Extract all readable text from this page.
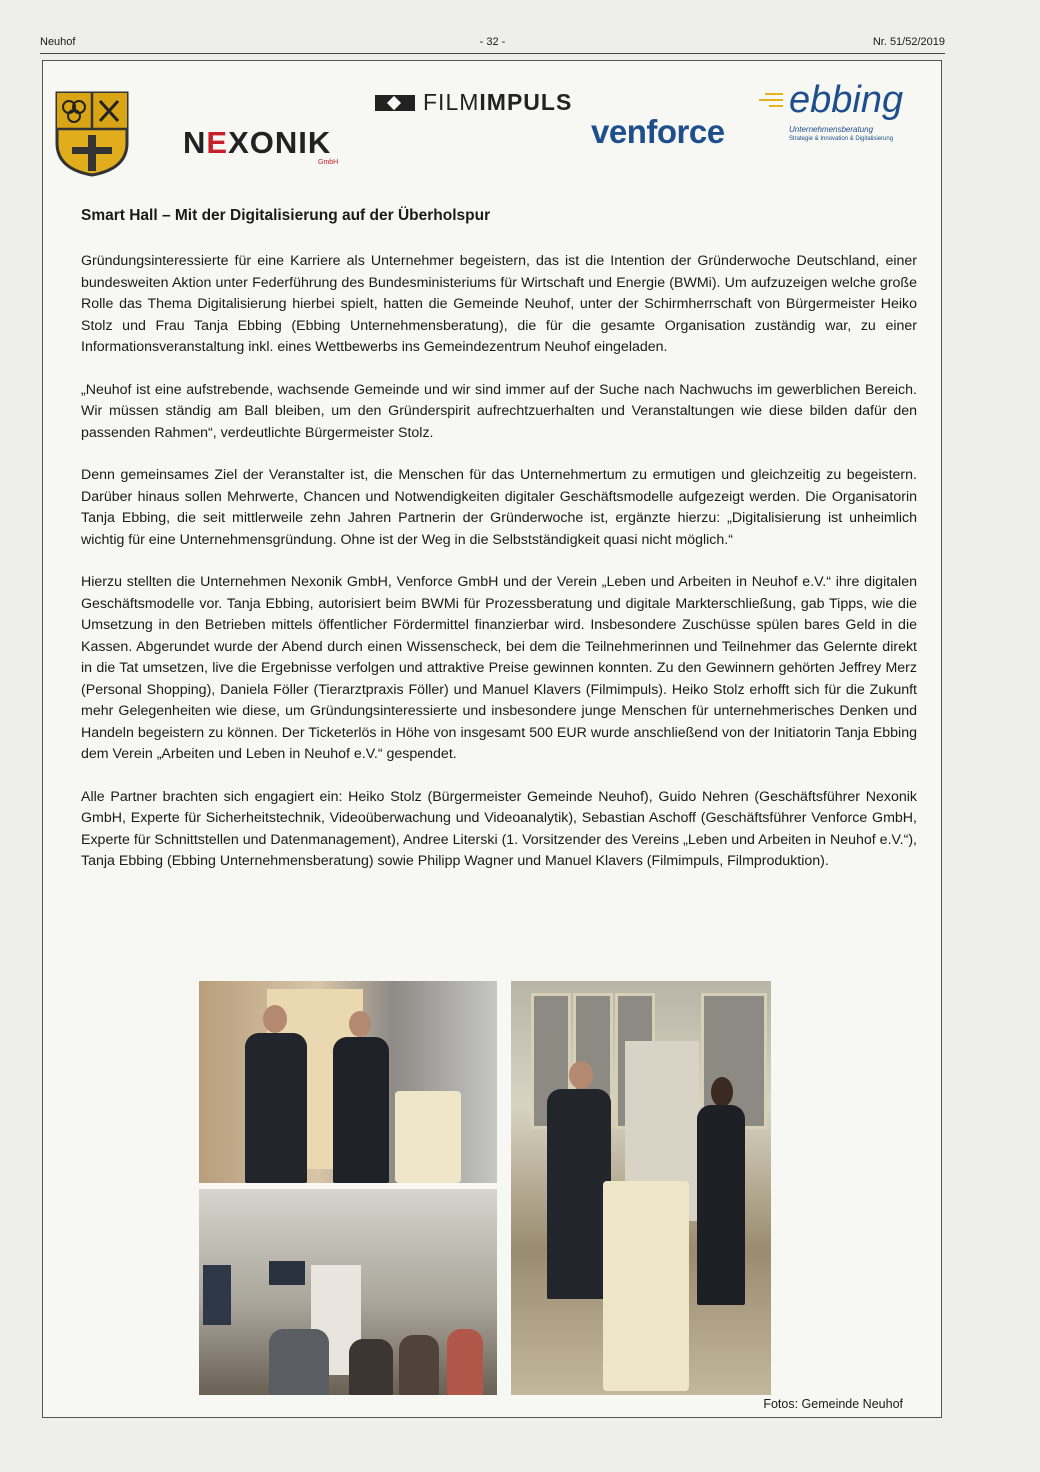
Neuhof	- 32 -	Nr. 51/52/2019
NEXONIK
GmbH
FILMIMPULS
venforce
ebbing
Unternehmensberatung
Strategie & Innovation & Digitalisierung
Smart Hall – Mit der Digitalisierung auf der Überholspur

Gründungsinteressierte für eine Karriere als Unternehmer begeistern, das ist die Intention der Gründerwoche Deutschland, einer bundesweiten Aktion unter Federführung des Bundesministeriums für Wirtschaft und Energie (BWMi). Um aufzuzeigen welche große Rolle das Thema Digitalisierung hierbei spielt, hatten die Gemeinde Neuhof, unter der Schirmherrschaft von Bürgermeister Heiko Stolz und Frau Tanja Ebbing (Ebbing Unternehmensberatung), die für die gesamte Organisation zuständig war, zu einer Informationsveranstaltung inkl. eines Wettbewerbs ins Gemeindezentrum Neuhof eingeladen.

„Neuhof ist eine aufstrebende, wachsende Gemeinde und wir sind immer auf der Suche nach Nachwuchs im gewerblichen Bereich. Wir müssen ständig am Ball bleiben, um den Gründerspirit aufrechtzuerhalten und Veranstaltungen wie diese bilden dafür den passenden Rahmen“, verdeutlichte Bürgermeister Stolz.

Denn gemeinsames Ziel der Veranstalter ist, die Menschen für das Unternehmertum zu ermutigen und gleichzeitig zu begeistern. Darüber hinaus sollen Mehrwerte, Chancen und Notwendigkeiten digitaler Geschäftsmodelle aufgezeigt werden. Die Organisatorin Tanja Ebbing, die seit mittlerweile zehn Jahren Partnerin der Gründerwoche ist, ergänzte hierzu: „Digitalisierung ist unheimlich wichtig für eine Unternehmensgründung. Ohne ist der Weg in die Selbstständigkeit quasi nicht möglich.“

Hierzu stellten die Unternehmen Nexonik GmbH, Venforce GmbH und der Verein „Leben und Arbeiten in Neuhof e.V.“ ihre digitalen Geschäftsmodelle vor. Tanja Ebbing, autorisiert beim BWMi für Prozessberatung und digitale Markterschließung, gab Tipps, wie die Umsetzung in den Betrieben mittels öffentlicher Fördermittel finanzierbar wird. Insbesondere Zuschüsse spülen bares Geld in die Kassen. Abgerundet wurde der Abend durch einen Wissenscheck, bei dem die Teilnehmerinnen und Teilnehmer das Gelernte direkt in die Tat umsetzen, live die Ergebnisse verfolgen und attraktive Preise gewinnen konnten. Zu den Gewinnern gehörten Jeffrey Merz (Personal Shopping), Daniela Föller (Tierarztpraxis Föller) und Manuel Klavers (Filmimpuls). Heiko Stolz erhofft sich für die Zukunft mehr Gelegenheiten wie diese, um Gründungsinteressierte und insbesondere junge Menschen für unternehmerisches Denken und Handeln begeistern zu können. Der Ticketerlös in Höhe von insgesamt 500 EUR wurde anschließend von der Initiatorin Tanja Ebbing dem Verein „Arbeiten und Leben in Neuhof e.V.“ gespendet.

Alle Partner brachten sich engagiert ein: Heiko Stolz (Bürgermeister Gemeinde Neuhof), Guido Nehren (Geschäftsführer Nexonik GmbH, Experte für Sicherheitstechnik, Videoüberwachung und Videoanalytik), Sebastian Aschoff (Geschäftsführer Venforce GmbH, Experte für Schnittstellen und Datenmanagement), Andree Literski (1. Vorsitzender des Vereins „Leben und Arbeiten in Neuhof e.V.“), Tanja Ebbing (Ebbing Unternehmensberatung) sowie Philipp Wagner und Manuel Klavers (Filmimpuls, Filmproduktion).

Fotos: Gemeinde Neuhof
